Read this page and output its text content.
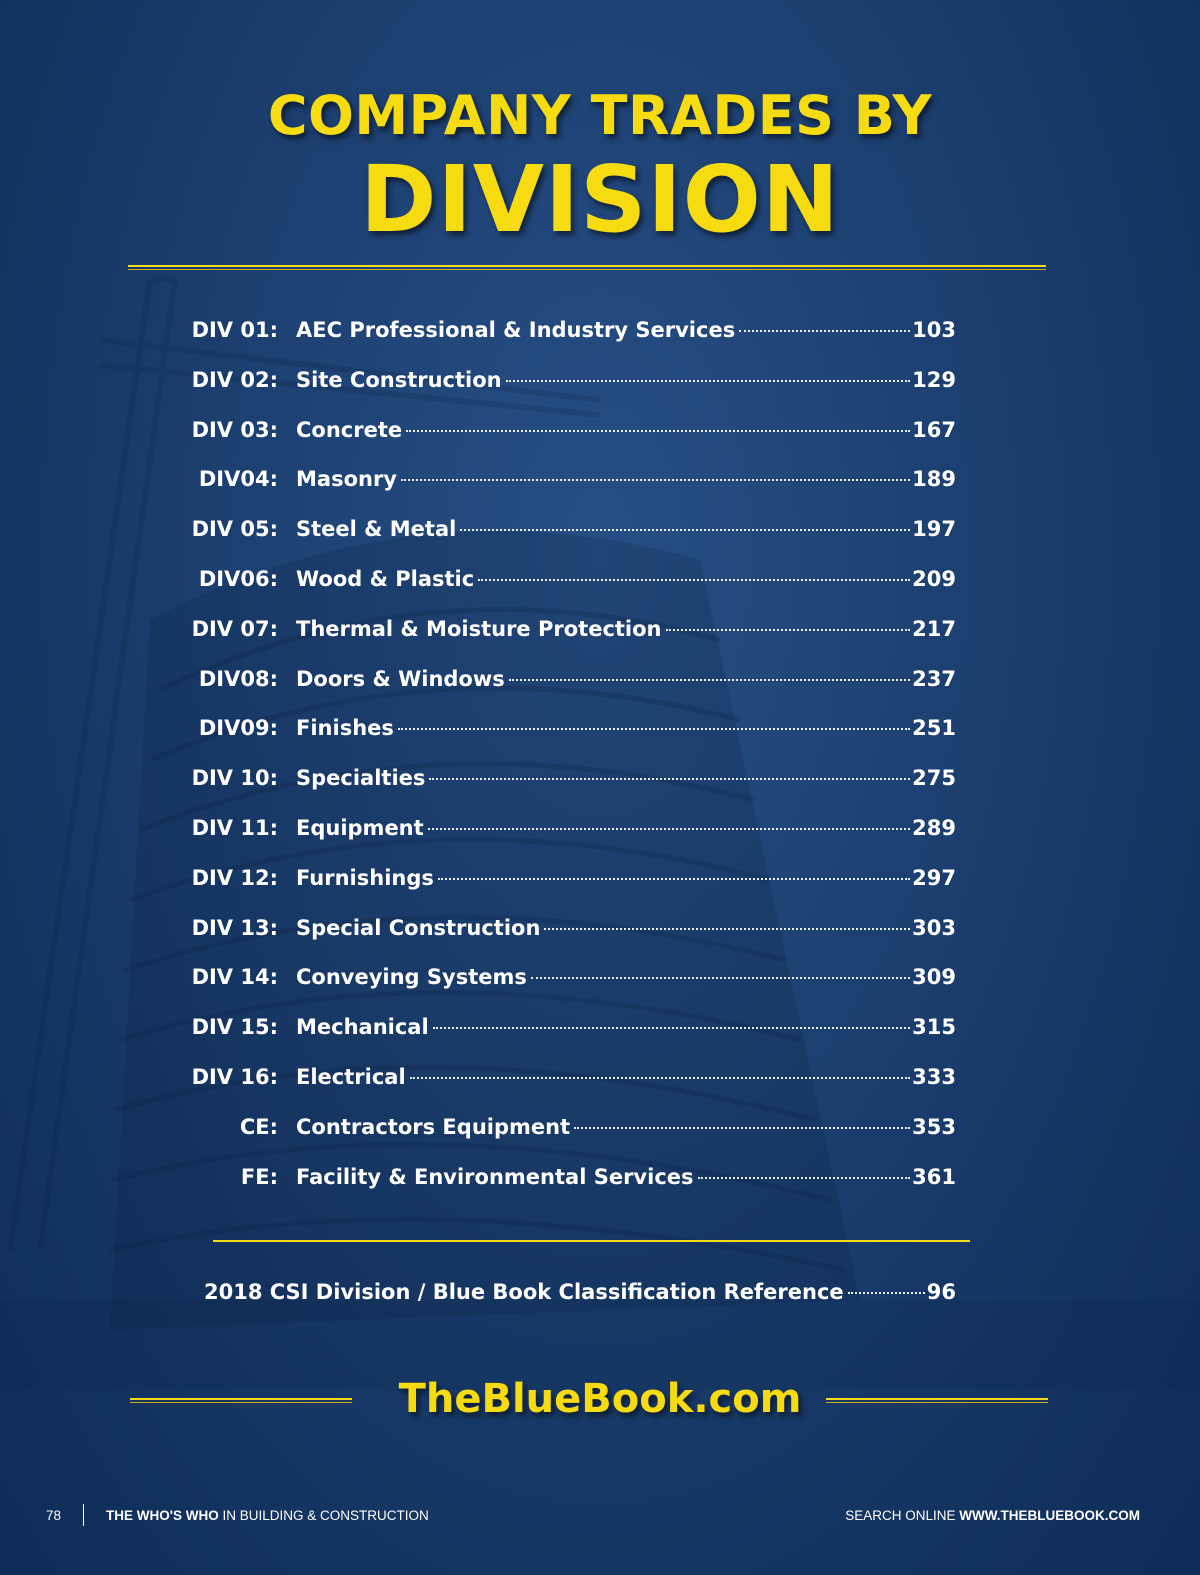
COMPANY TRADES BY
DIVISION
DIV 01: AEC Professional & Industry Services	103
DIV 02: Site Construction	129
DIV 03: Concrete	167
DIV04: Masonry	189
DIV 05: Steel & Metal	197
DIV06: Wood & Plastic	209
DIV 07: Thermal & Moisture Protection	217
DIV08: Doors & Windows	237
DIV09: Finishes	251
DIV 10: Specialties	275
DIV 11: Equipment	289
DIV 12: Furnishings	297
DIV 13: Special Construction	303
DIV 14: Conveying Systems	309
DIV 15: Mechanical	315
DIV 16: Electrical	333
CE: Contractors Equipment	353
FE: Facility & Environmental Services	361
2018 CSI Division / Blue Book Classification Reference	96
TheBlueBook.com
78	THE WHO'S WHO IN BUILDING & CONSTRUCTION	SEARCH ONLINE WWW.THEBLUEBOOK.COM
